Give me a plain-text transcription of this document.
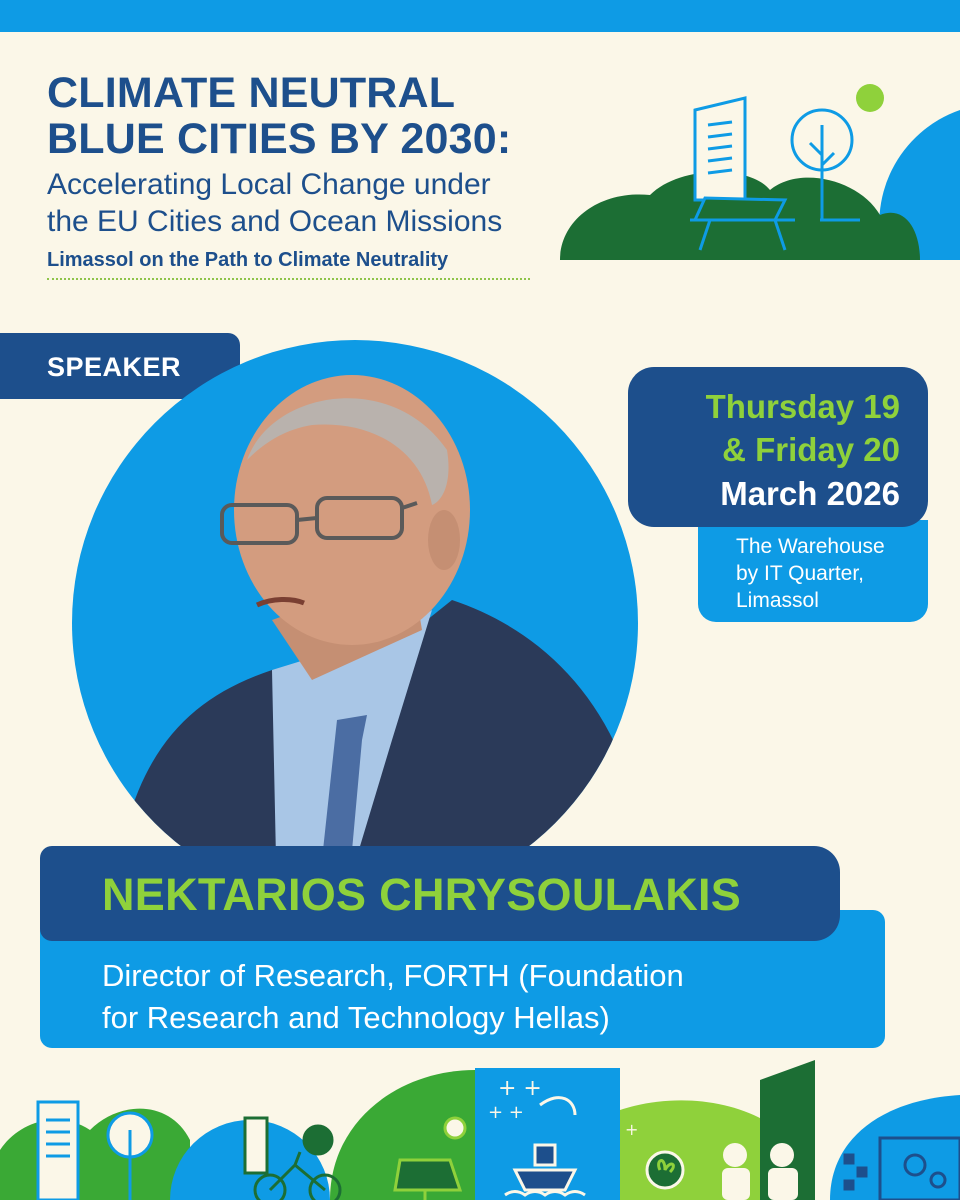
CLIMATE NEUTRAL
BLUE CITIES BY 2030:

Accelerating Local Change under

the EU Cities and Ocean Missions

Limassol on the Path to Climate Neutrality

SPEAKER
Thursday 19
& Friday 20
March 2026
The Warehouse
by IT Quarter,
Limassol
Director of Research, FORTH (Foundation
for Research and Technology Hellas)
NEKTARIOS CHRYSOULAKIS
+ +
+ +
+
